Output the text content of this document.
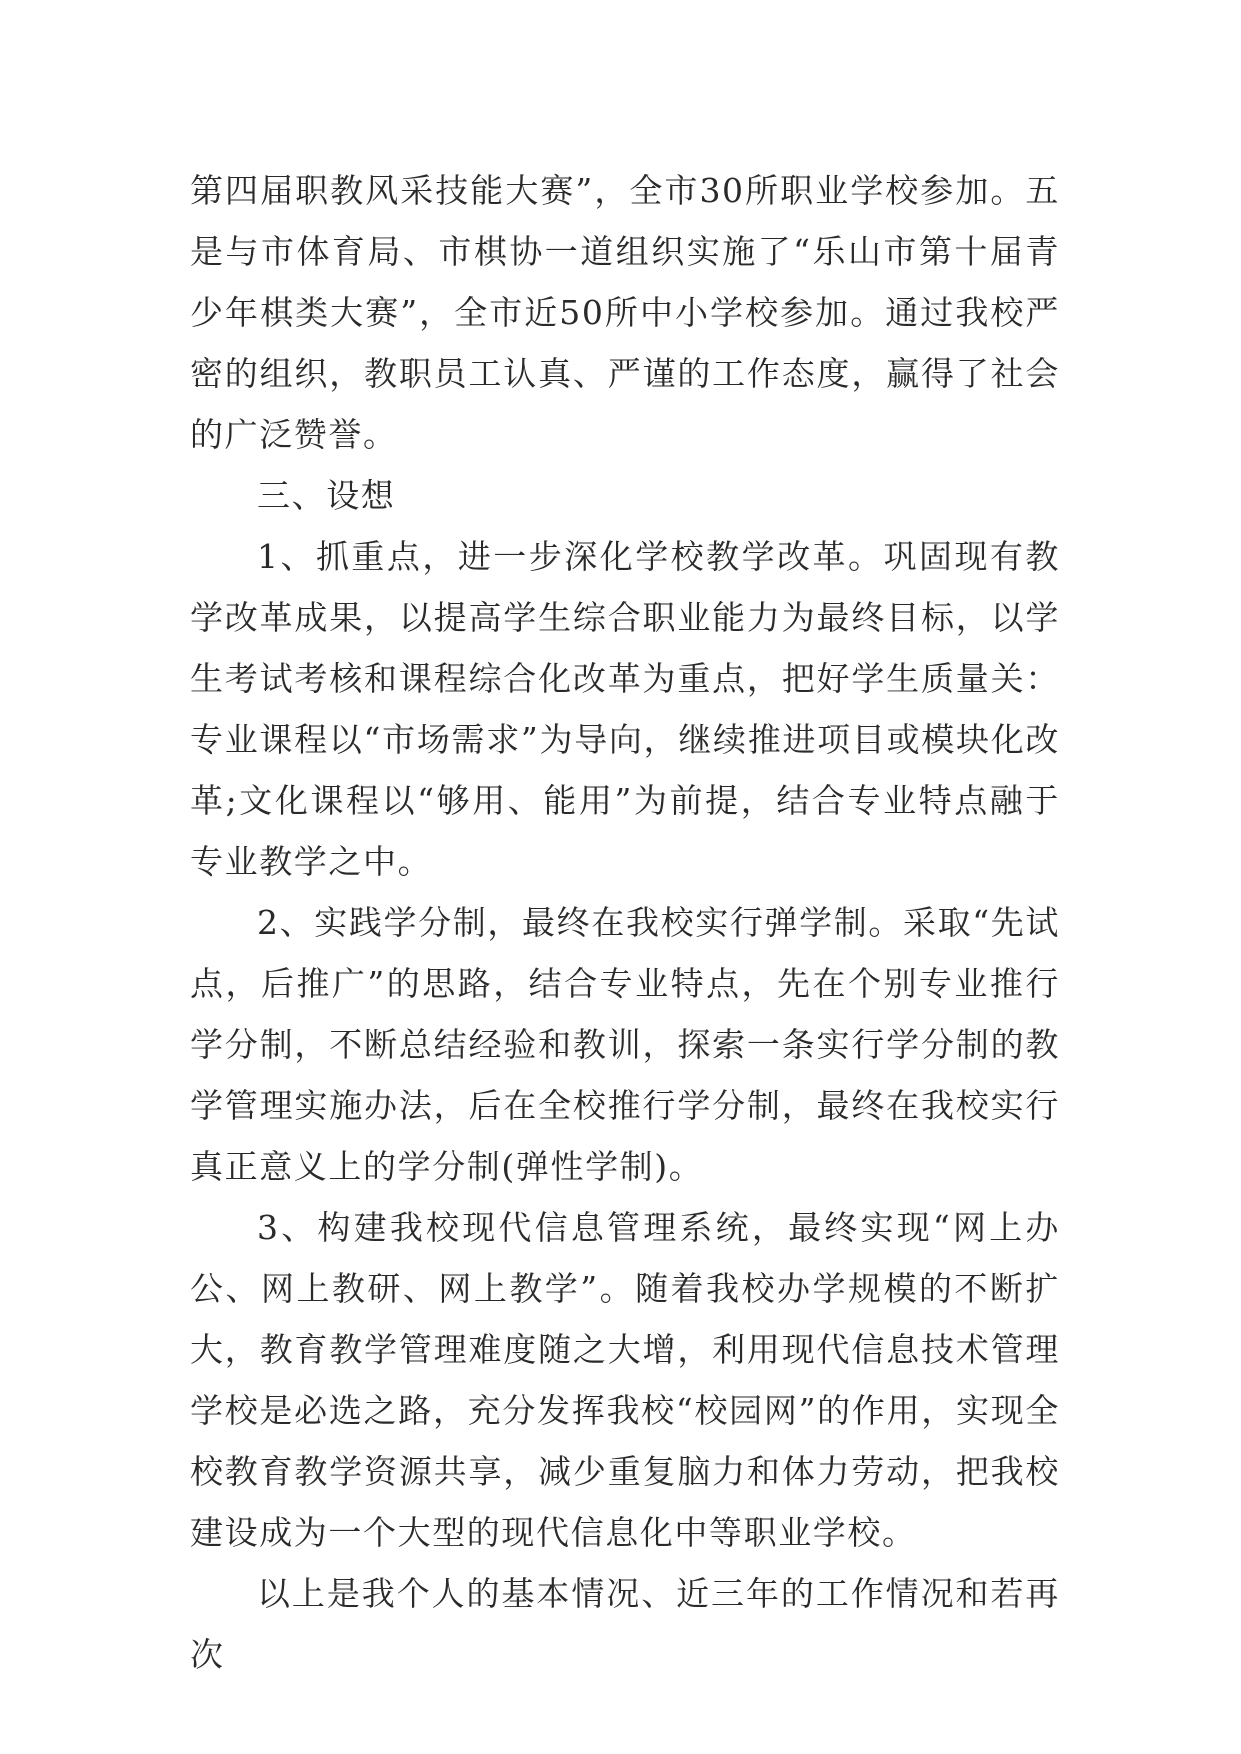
第四届职教风采技能大赛”，全市30所职业学校参加。五是与市体育局、市棋协一道组织实施了“乐山市第十届青少年棋类大赛”，全市近50所中小学校参加。通过我校严密的组织，教职员工认真、严谨的工作态度，赢得了社会的广泛赞誉。

三、设想

1、抓重点，进一步深化学校教学改革。巩固现有教学改革成果，以提高学生综合职业能力为最终目标，以学生考试考核和课程综合化改革为重点，把好学生质量关：专业课程以“市场需求”为导向，继续推进项目或模块化改革;文化课程以“够用、能用”为前提，结合专业特点融于专业教学之中。

2、实践学分制，最终在我校实行弹学制。采取“先试点，后推广”的思路，结合专业特点，先在个别专业推行学分制，不断总结经验和教训，探索一条实行学分制的教学管理实施办法，后在全校推行学分制，最终在我校实行真正意义上的学分制(弹性学制)。

3、构建我校现代信息管理系统，最终实现“网上办公、网上教研、网上教学”。随着我校办学规模的不断扩大，教育教学管理难度随之大增，利用现代信息技术管理学校是必选之路，充分发挥我校“校园网”的作用，实现全校教育教学资源共享，减少重复脑力和体力劳动，把我校建设成为一个大型的现代信息化中等职业学校。

以上是我个人的基本情况、近三年的工作情况和若再次
